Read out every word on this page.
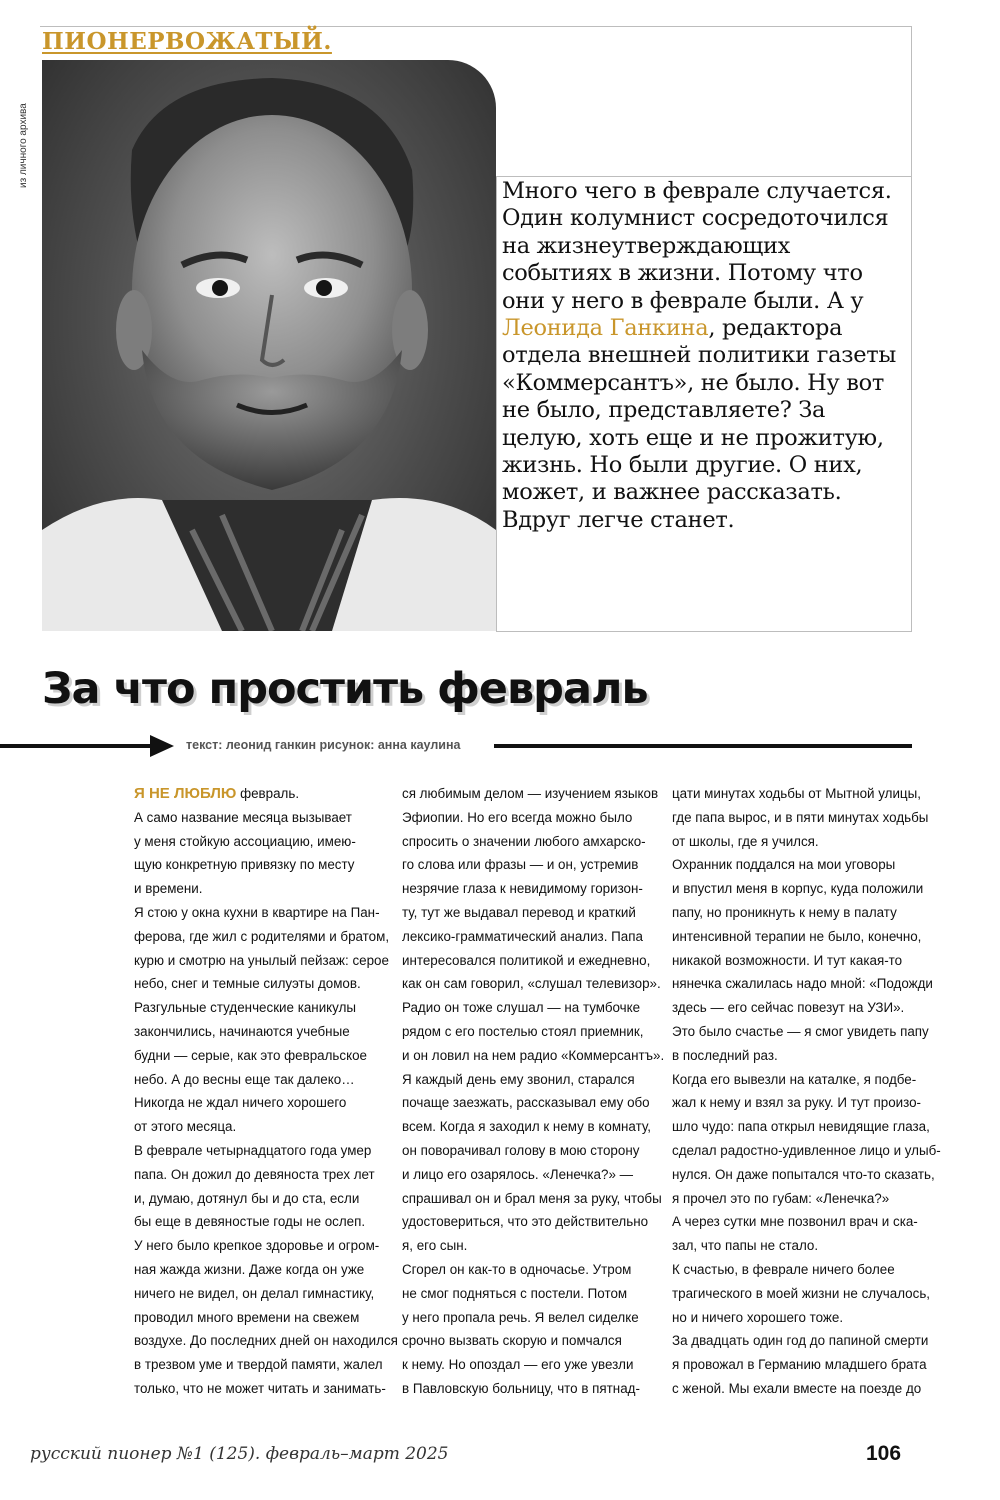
ПИОНЕРВОЖАТЫЙ.
из личного архива
Много чего в феврале случается. Один колумнист сосредоточился на жизнеутверждающих событиях в жизни. Потому что они у него в феврале были. А у Леонида Ганкина, редактора отдела внешней политики газеты «Коммерсантъ», не было. Ну вот не было, представляете? За целую, хоть еще и не прожитую, жизнь. Но были другие. О них, может, и важнее рассказать. Вдруг легче станет.
За что простить февраль
текст: леонид ганкин рисунок: анна каулина

Я НЕ ЛЮБЛЮ февраль.

А само название месяца вызывает

у меня стойкую ассоциацию, имею-

щую конкретную привязку по месту

и времени.

Я стою у окна кухни в квартире на Пан-

ферова, где жил с родителями и братом,

курю и смотрю на унылый пейзаж: серое

небо, снег и темные силуэты домов.

Разгульные студенческие каникулы

закончились, начинаются учебные

будни — серые, как это февральское

небо. А до весны еще так далеко…

Никогда не ждал ничего хорошего

от этого месяца.

В феврале четырнадцатого года умер

папа. Он дожил до девяноста трех лет

и, думаю, дотянул бы и до ста, если

бы еще в девяностые годы не ослеп.

У него было крепкое здоровье и огром-

ная жажда жизни. Даже когда он уже

ничего не видел, он делал гимнастику,

проводил много времени на свежем

воздухе. До последних дней он находился

в трезвом уме и твердой памяти, жалел

только, что не может читать и занимать-

ся любимым делом — изучением языков

Эфиопии. Но его всегда можно было

спросить о значении любого амхарско-

го слова или фразы — и он, устремив

незрячие глаза к невидимому горизон-

ту, тут же выдавал перевод и краткий

лексико-грамматический анализ. Папа

интересовался политикой и ежедневно,

как он сам говорил, «слушал телевизор».

Радио он тоже слушал — на тумбочке

рядом с его постелью стоял приемник,

и он ловил на нем радио «Коммерсантъ».

Я каждый день ему звонил, старался

почаще заезжать, рассказывал ему обо

всем. Когда я заходил к нему в комнату,

он поворачивал голову в мою сторону

и лицо его озарялось. «Ленечка?» —

спрашивал он и брал меня за руку, чтобы

удостовериться, что это действительно

я, его сын.

Сгорел он как-то в одночасье. Утром

не смог подняться с постели. Потом

у него пропала речь. Я велел сиделке

срочно вызвать скорую и помчался

к нему. Но опоздал — его уже увезли

в Павловскую больницу, что в пятнад-

цати минутах ходьбы от Мытной улицы,

где папа вырос, и в пяти минутах ходьбы

от школы, где я учился.

Охранник поддался на мои уговоры

и впустил меня в корпус, куда положили

папу, но проникнуть к нему в палату

интенсивной терапии не было, конечно,

никакой возможности. И тут какая-то

нянечка сжалилась надо мной: «Подожди

здесь — его сейчас повезут на УЗИ».

Это было счастье — я смог увидеть папу

в последний раз.

Когда его вывезли на каталке, я подбе-

жал к нему и взял за руку. И тут произо-

шло чудо: папа открыл невидящие глаза,

сделал радостно-удивленное лицо и улыб-

нулся. Он даже попытался что-то сказать,

я прочел это по губам: «Ленечка?»

А через сутки мне позвонил врач и ска-

зал, что папы не стало.

К счастью, в феврале ничего более

трагического в моей жизни не случалось,

но и ничего хорошего тоже.

За двадцать один год до папиной смерти

я провожал в Германию младшего брата

с женой. Мы ехали вместе на поезде до

русский пионер №1 (125). февраль–март 2025	106
